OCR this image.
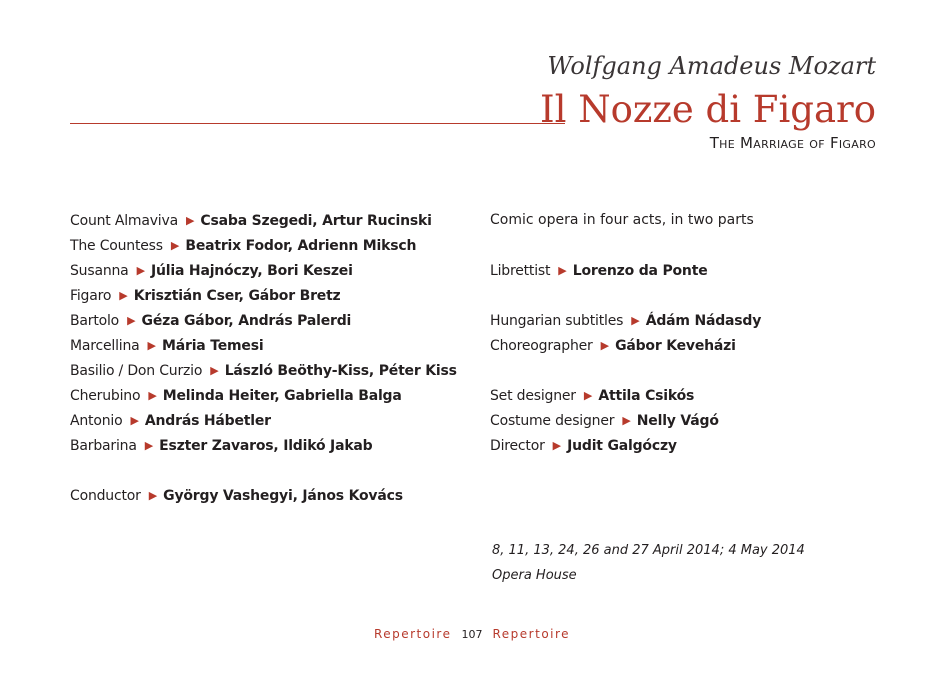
Wolfgang Amadeus Mozart
Il Nozze di Figaro
The Marriage of Figaro
Count Almaviva ▶ Csaba Szegedi, Artur Rucinski
The Countess ▶ Beatrix Fodor, Adrienn Miksch
Susanna ▶ Júlia Hajnóczy, Bori Keszei
Figaro ▶ Krisztián Cser, Gábor Bretz
Bartolo ▶ Géza Gábor, András Palerdi
Marcellina ▶ Mária Temesi
Basilio / Don Curzio ▶ László Beöthy-Kiss, Péter Kiss
Cherubino ▶ Melinda Heiter, Gabriella Balga
Antonio ▶ András Hábetler
Barbarina ▶ Eszter Zavaros, Ildikó Jakab
Conductor ▶ György Vashegyi, János Kovács
Comic opera in four acts, in two parts
Librettist ▶ Lorenzo da Ponte
Hungarian subtitles ▶ Ádám Nádasdy
Choreographer ▶ Gábor Keveházi
Set designer ▶ Attila Csikós
Costume designer ▶ Nelly Vágó
Director ▶ Judit Galgóczy
8, 11, 13, 24, 26 and 27 April 2014; 4 May 2014
Opera House
Repertoire 107 Repertoire
